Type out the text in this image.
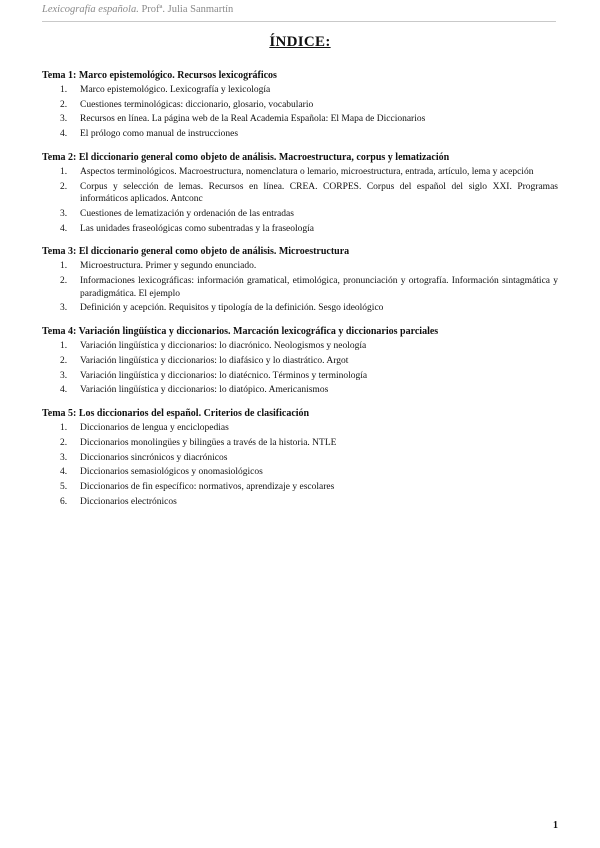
Lexicografía española. Profª. Julia Sanmartín
ÍNDICE:
Tema 1: Marco epistemológico. Recursos lexicográficos
1. Marco epistemológico. Lexicografía y lexicología
2. Cuestiones terminológicas: diccionario, glosario, vocabulario
3. Recursos en línea. La página web de la Real Academia Española: El Mapa de Diccionarios
4. El prólogo como manual de instrucciones
Tema 2: El diccionario general como objeto de análisis. Macroestructura, corpus y lematización
1. Aspectos terminológicos. Macroestructura, nomenclatura o lemario, microestructura, entrada, artículo, lema y acepción
2. Corpus y selección de lemas. Recursos en línea. CREA. CORPES. Corpus del español del siglo XXI. Programas informáticos aplicados. Antconc
3. Cuestiones de lematización y ordenación de las entradas
4. Las unidades fraseológicas como subentradas y la fraseología
Tema 3: El diccionario general como objeto de análisis. Microestructura
1. Microestructura. Primer y segundo enunciado.
2. Informaciones lexicográficas: información gramatical, etimológica, pronunciación y ortografía. Información sintagmática y paradigmática. El ejemplo
3. Definición y acepción. Requisitos y tipología de la definición. Sesgo ideológico
Tema 4: Variación lingüística y diccionarios. Marcación lexicográfica y diccionarios parciales
1. Variación lingüística y diccionarios: lo diacrónico. Neologismos y neología
2. Variación lingüística y diccionarios: lo diafásico y lo diastrático. Argot
3. Variación lingüística y diccionarios: lo diatécnico. Términos y terminología
4. Variación lingüística y diccionarios: lo diatópico. Americanismos
Tema 5: Los diccionarios del español. Criterios de clasificación
1. Diccionarios de lengua y enciclopedias
2. Diccionarios monolingües y bilingües a través de la historia. NTLE
3. Diccionarios sincrónicos y diacrónicos
4. Diccionarios semasiológicos y onomasiológicos
5. Diccionarios de fin específico: normativos, aprendizaje y escolares
6. Diccionarios electrónicos
1
